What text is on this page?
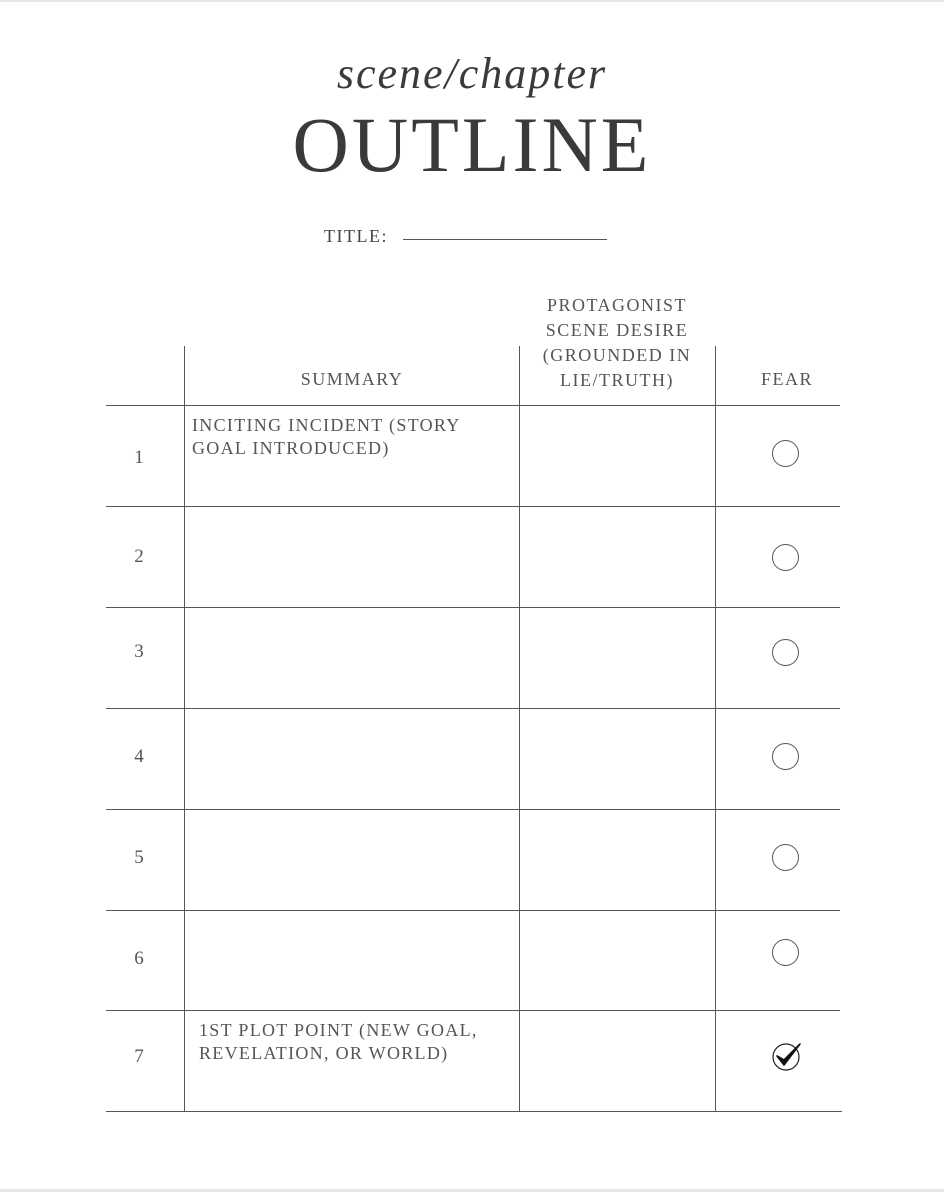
scene/chapter
OUTLINE
TITLE:
SUMMARY
PROTAGONIST
SCENE DESIRE
(GROUNDED IN
LIE/TRUTH)	FEAR
1
INCITING INCIDENT (STORY
GOAL INTRODUCED)
2
3
4
5
6
7
1ST PLOT POINT (NEW GOAL,
REVELATION, OR WORLD)
